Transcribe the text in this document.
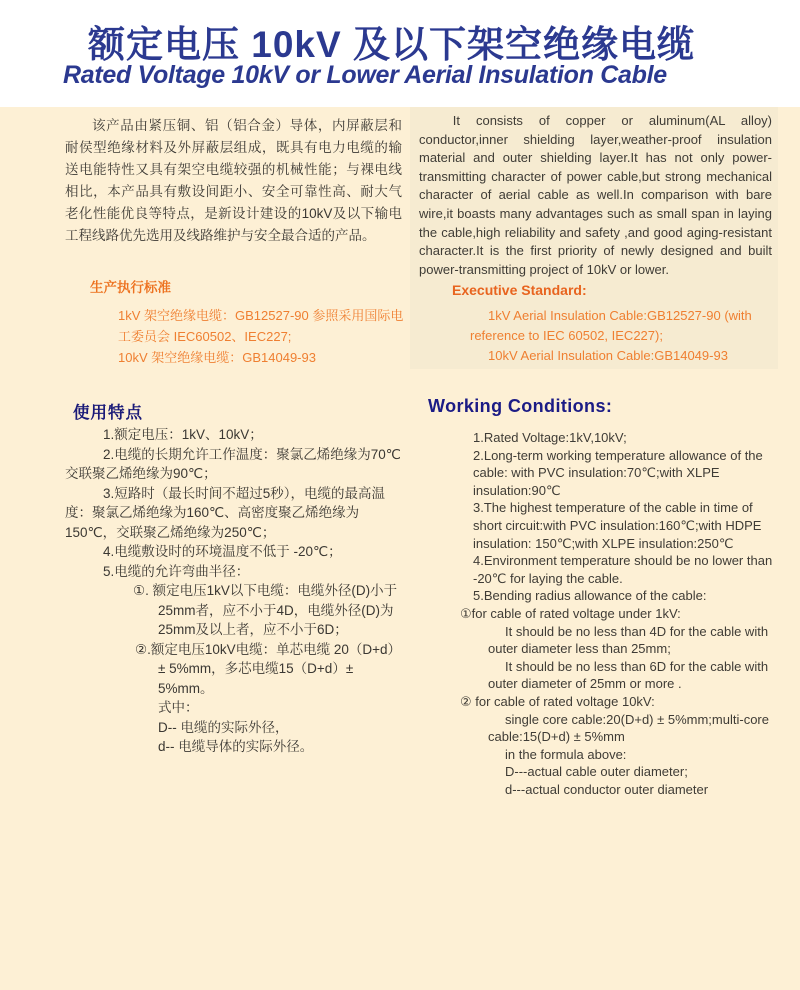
额定电压 10kV 及以下架空绝缘电缆
Rated Voltage 10kV or Lower Aerial Insulation Cable
该产品由紧压铜、铝（铝合金）导体，内屏蔽层和耐侯型绝缘材料及外屏蔽层组成，既具有电力电缆的输送电能特性又具有架空电缆较强的机械性能；与裸电线相比，本产品具有敷设间距小、安全可靠性高、耐大气老化性能优良等特点，是新设计建设的10kV及以下输电工程线路优先选用及线路维护与安全最合适的产品。
It consists of copper or aluminum(AL alloy) conductor,inner shielding layer,weather-proof insulation material and outer shielding layer.It has not only power-transmitting character of power cable,but strong mechanical character of aerial cable as well.In comparison with bare wire,it boasts many advantages such as small span in laying the cable,high reliability and safety ,and good aging-resistant character.It is the first priority of newly designed and built power-transmitting project of 10kV or lower.
生产执行标准
1kV 架空绝缘电缆：GB12527-90 参照采用国际电工委员会 IEC60502、IEC227;
10kV 架空绝缘电缆：GB14049-93
Executive Standard:
1kV Aerial Insulation Cable:GB12527-90 (with reference to IEC 60502, IEC227);
10kV Aerial Insulation Cable:GB14049-93
使用特点

1.额定电压：1kV、10kV；

2.电缆的长期允许工作温度：聚氯乙烯绝缘为70℃ 交联聚乙烯绝缘为90℃；

3.短路时（最长时间不超过5秒），电缆的最高温度：聚氯乙烯绝缘为160℃、高密度聚乙烯绝缘为150℃，交联聚乙烯绝缘为250℃；

4.电缆敷设时的环境温度不低于 -20℃；

5.电缆的允许弯曲半径：

①. 额定电压1kV以下电缆：电缆外径(D)小于25mm者，应不小于4D，电缆外径(D)为25mm及以上者，应不小于6D；

②.额定电压10kV电缆：单芯电缆 20（D+d）± 5%mm，多芯电缆15（D+d）± 5%mm。

式中：

D-- 电缆的实际外径，

d-- 电缆导体的实际外径。

Working Conditions:

1.Rated Voltage:1kV,10kV;

2.Long-term working temperature allowance of the cable: with PVC insulation:70℃;with XLPE insulation:90℃

3.The highest temperature of the cable in time of short circuit:with PVC insulation:160℃;with HDPE insulation: 150℃;with XLPE insulation:250℃

4.Environment temperature should be no lower than -20℃ for laying the cable.

5.Bending radius allowance of the cable:

①for cable of rated voltage under 1kV:

It should be no less than 4D for the cable with outer diameter less than 25mm;

It should be no less than 6D for the cable with outer diameter of 25mm or more .

② for cable of rated voltage 10kV:

single core cable:20(D+d) ± 5%mm;multi-core cable:15(D+d) ± 5%mm

in the formula above:

D---actual cable outer diameter;

d---actual conductor outer diameter
